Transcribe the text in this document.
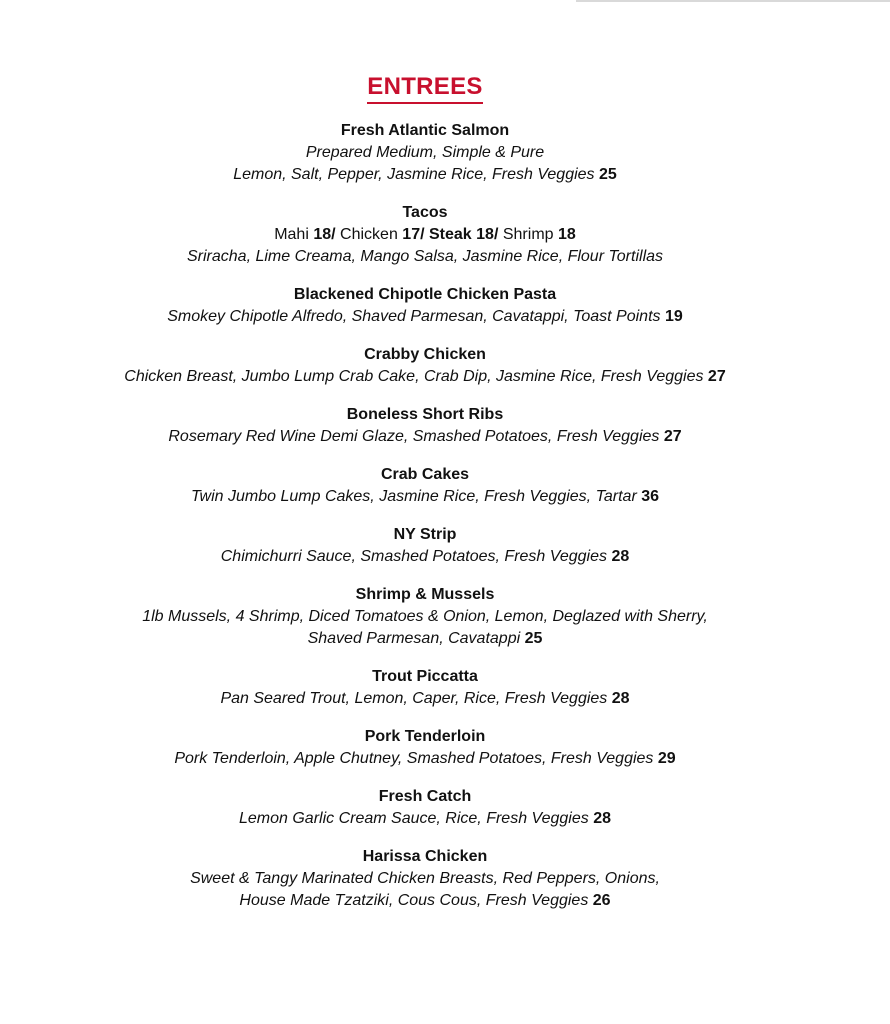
ENTREES
Fresh Atlantic Salmon
Prepared Medium, Simple & Pure
Lemon, Salt, Pepper, Jasmine Rice, Fresh Veggies 25
Tacos
Mahi 18/ Chicken 17/ Steak 18/ Shrimp 18
Sriracha, Lime Creama, Mango Salsa, Jasmine Rice, Flour Tortillas
Blackened Chipotle Chicken Pasta
Smokey Chipotle Alfredo, Shaved Parmesan, Cavatappi, Toast Points 19
Crabby Chicken
Chicken Breast, Jumbo Lump Crab Cake, Crab Dip, Jasmine Rice, Fresh Veggies 27
Boneless Short Ribs
Rosemary Red Wine Demi Glaze, Smashed Potatoes, Fresh Veggies 27
Crab Cakes
Twin Jumbo Lump Cakes, Jasmine Rice, Fresh Veggies, Tartar 36
NY Strip
Chimichurri Sauce, Smashed Potatoes, Fresh Veggies 28
Shrimp & Mussels
1lb Mussels, 4 Shrimp, Diced Tomatoes & Onion, Lemon, Deglazed with Sherry,
Shaved Parmesan, Cavatappi 25
Trout Piccatta
Pan Seared Trout, Lemon, Caper, Rice, Fresh Veggies 28
Pork Tenderloin
Pork Tenderloin, Apple Chutney, Smashed Potatoes, Fresh Veggies 29
Fresh Catch
Lemon Garlic Cream Sauce, Rice, Fresh Veggies 28
Harissa Chicken
Sweet & Tangy Marinated Chicken Breasts, Red Peppers, Onions,
House Made Tzatziki, Cous Cous, Fresh Veggies 26
